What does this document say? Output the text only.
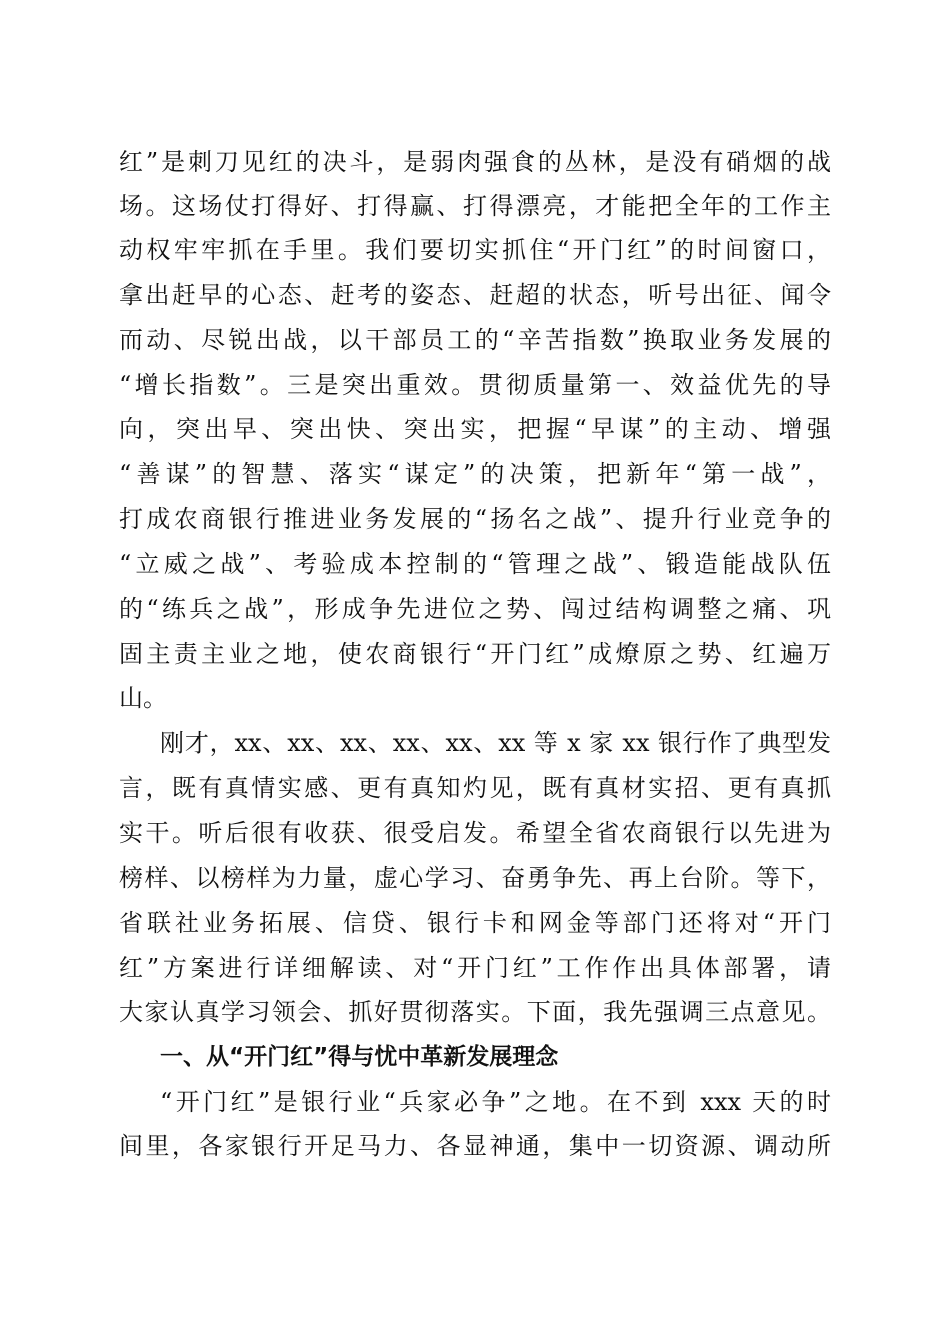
红”是刺刀见红的决斗，是弱肉强食的丛林，是没有硝烟的战
场。这场仗打得好、打得赢、打得漂亮，才能把全年的工作主
动权牢牢抓在手里。我们要切实抓住“开门红”的时间窗口，
拿出赶早的心态、赶考的姿态、赶超的状态，听号出征、闻令
而动、尽锐出战，以干部员工的“辛苦指数”换取业务发展的
“增长指数”。三是突出重效。贯彻质量第一、效益优先的导
向，突出早、突出快、突出实，把握“早谋”的主动、增强
“善谋”的智慧、落实“谋定”的决策，把新年“第一战”，
打成农商银行推进业务发展的“扬名之战”、提升行业竞争的
“立威之战”、考验成本控制的“管理之战”、锻造能战队伍
的“练兵之战”，形成争先进位之势、闯过结构调整之痛、巩
固主责主业之地，使农商银行“开门红”成燎原之势、红遍万
山。
刚才，xx、xx、xx、xx、xx、xx 等 x 家 xx 银行作了典型发
言，既有真情实感、更有真知灼见，既有真材实招、更有真抓
实干。听后很有收获、很受启发。希望全省农商银行以先进为
榜样、以榜样为力量，虚心学习、奋勇争先、再上台阶。等下，
省联社业务拓展、信贷、银行卡和网金等部门还将对“开门
红”方案进行详细解读、对“开门红”工作作出具体部署，请
大家认真学习领会、抓好贯彻落实。下面，我先强调三点意见。
一、从“开门红”得与忧中革新发展理念
“开门红”是银行业“兵家必争”之地。在不到 xxx 天的时
间里，各家银行开足马力、各显神通，集中一切资源、调动所
